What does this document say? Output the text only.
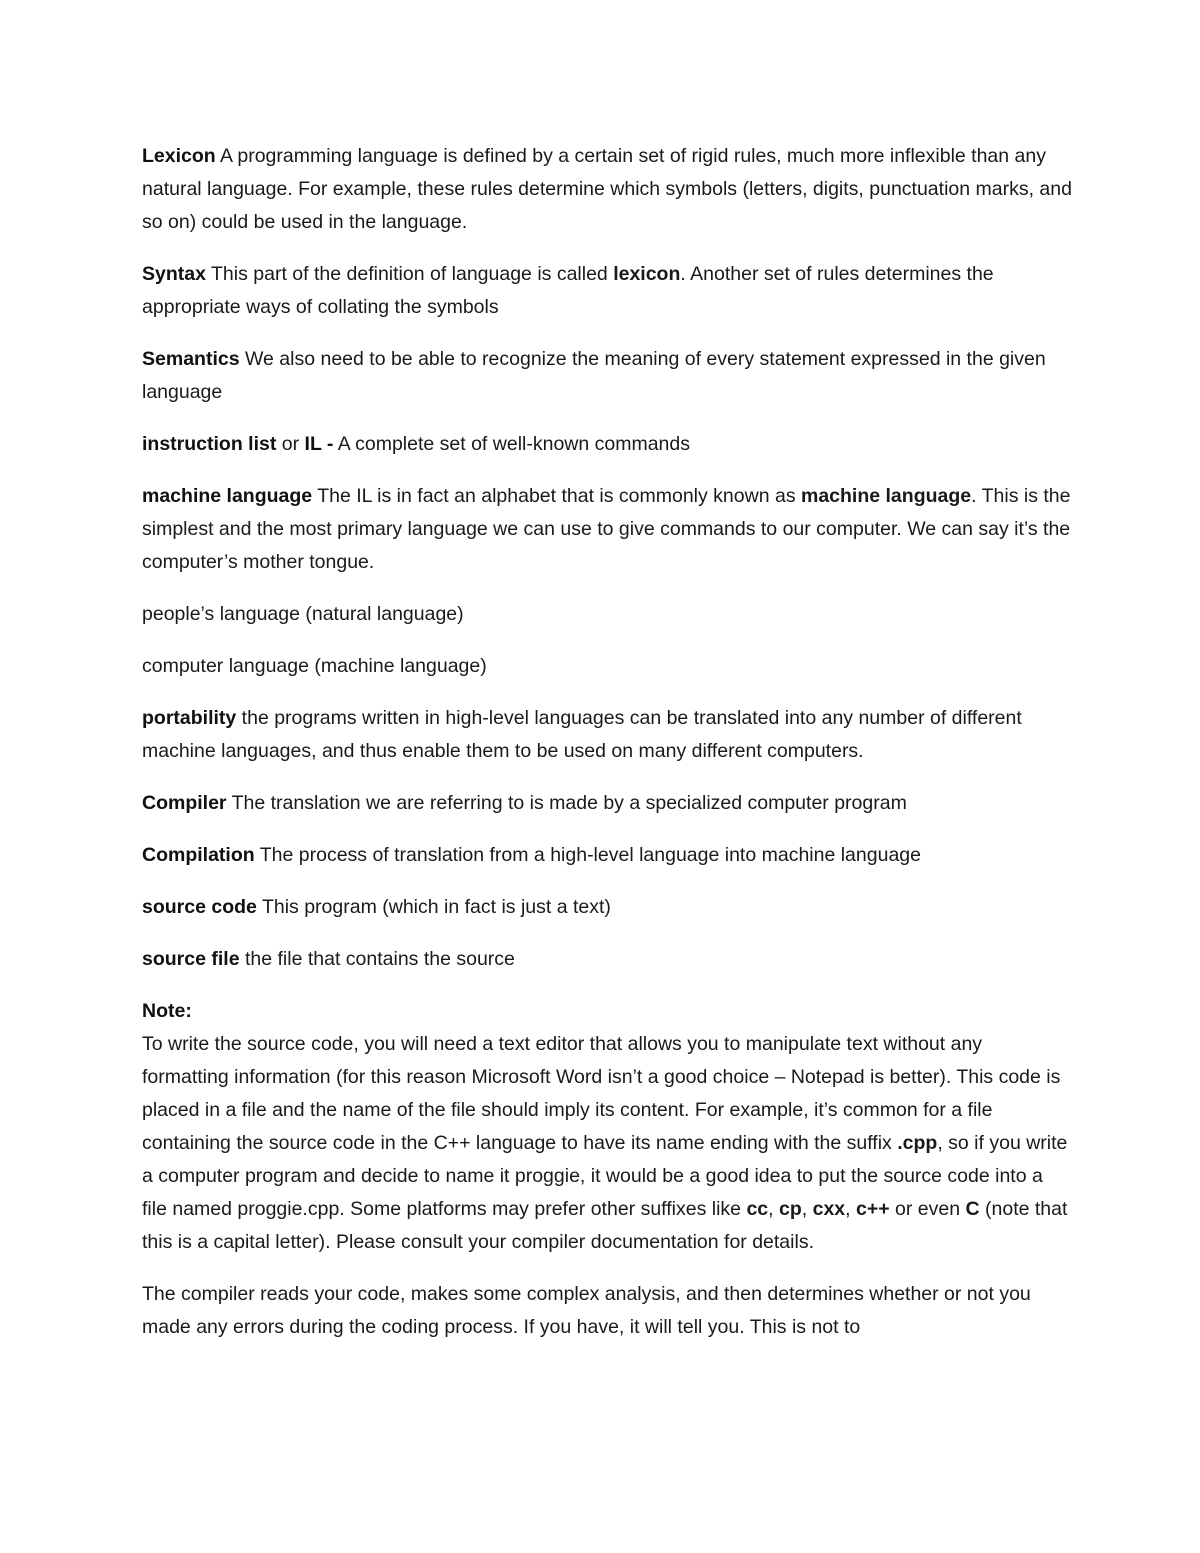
Lexicon A programming language is defined by a certain set of rigid rules, much more inflexible than any natural language. For example, these rules determine which symbols (letters, digits, punctuation marks, and so on) could be used in the language.

Syntax This part of the definition of language is called lexicon. Another set of rules determines the appropriate ways of collating the symbols

Semantics We also need to be able to recognize the meaning of every statement expressed in the given language

instruction list or IL - A complete set of well-known commands

machine language The IL is in fact an alphabet that is commonly known as machine language. This is the simplest and the most primary language we can use to give commands to our computer. We can say it’s the computer’s mother tongue.

people’s language (natural language)

computer language (machine language)

portability the programs written in high-level languages can be translated into any number of different machine languages, and thus enable them to be used on many different computers.

Compiler The translation we are referring to is made by a specialized computer program

Compilation The process of translation from a high-level language into machine language

source code This program (which in fact is just a text)

source file the file that contains the source

Note:

To write the source code, you will need a text editor that allows you to manipulate text without any formatting information (for this reason Microsoft Word isn’t a good choice – Notepad is better). This code is placed in a file and the name of the file should imply its content. For example, it’s common for a file containing the source code in the C++ language to have its name ending with the suffix .cpp, so if you write a computer program and decide to name it proggie, it would be a good idea to put the source code into a file named proggie.cpp. Some platforms may prefer other suffixes like cc, cp, cxx, c++ or even C (note that this is a capital letter). Please consult your compiler documentation for details.

The compiler reads your code, makes some complex analysis, and then determines whether or not you made any errors during the coding process. If you have, it will tell you. This is not to
